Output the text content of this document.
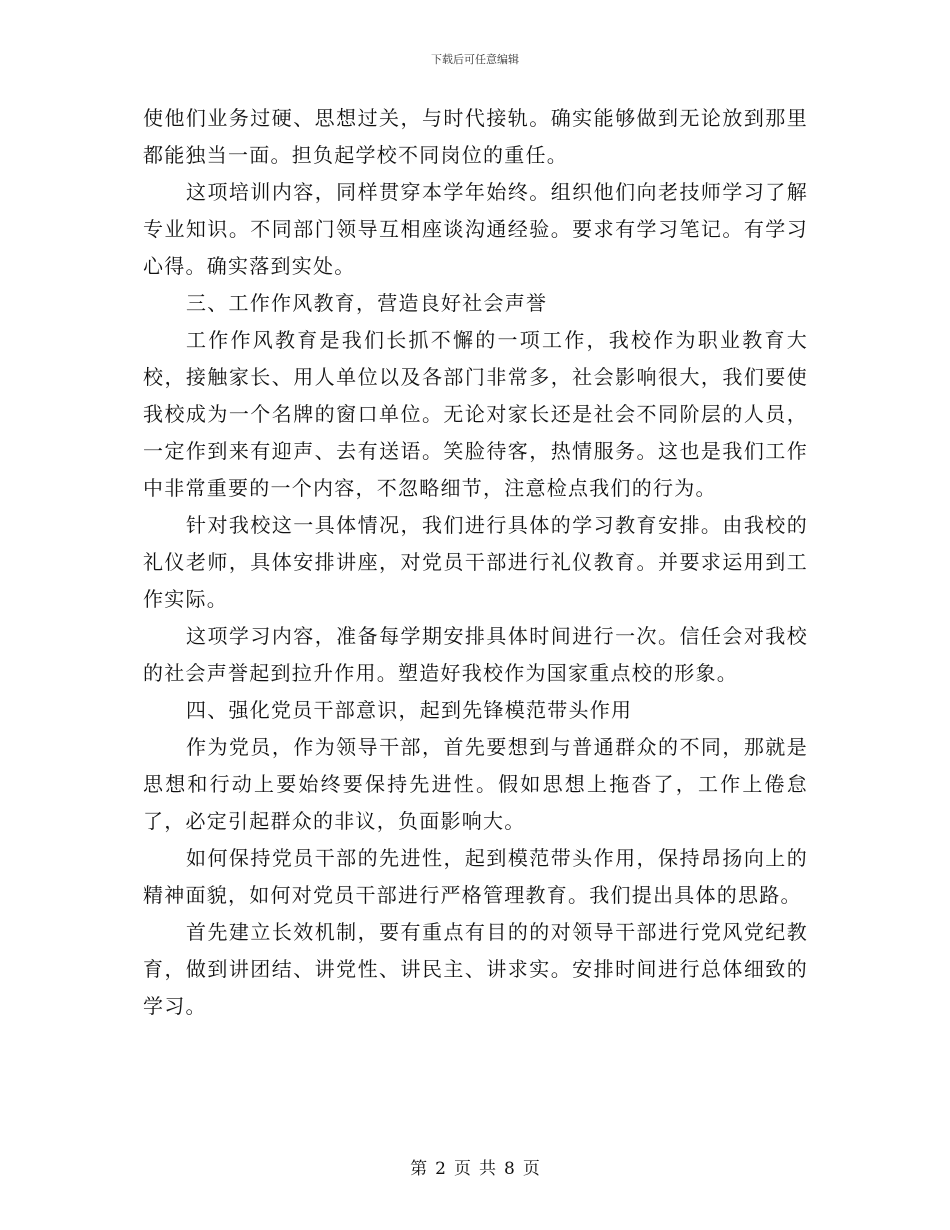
下载后可任意编辑

使他们业务过硬、思想过关，与时代接轨。确实能够做到无论放到那里都能独当一面。担负起学校不同岗位的重任。

这项培训内容，同样贯穿本学年始终。组织他们向老技师学习了解专业知识。不同部门领导互相座谈沟通经验。要求有学习笔记。有学习心得。确实落到实处。

三、工作作风教育，营造良好社会声誉

工作作风教育是我们长抓不懈的一项工作，我校作为职业教育大校，接触家长、用人单位以及各部门非常多，社会影响很大，我们要使我校成为一个名牌的窗口单位。无论对家长还是社会不同阶层的人员，一定作到来有迎声、去有送语。笑脸待客，热情服务。这也是我们工作中非常重要的一个内容，不忽略细节，注意检点我们的行为。

针对我校这一具体情况，我们进行具体的学习教育安排。由我校的礼仪老师，具体安排讲座，对党员干部进行礼仪教育。并要求运用到工作实际。

这项学习内容，准备每学期安排具体时间进行一次。信任会对我校的社会声誉起到拉升作用。塑造好我校作为国家重点校的形象。

四、强化党员干部意识，起到先锋模范带头作用

作为党员，作为领导干部，首先要想到与普通群众的不同，那就是思想和行动上要始终要保持先进性。假如思想上拖沓了，工作上倦怠了，必定引起群众的非议，负面影响大。

如何保持党员干部的先进性，起到模范带头作用，保持昂扬向上的精神面貌，如何对党员干部进行严格管理教育。我们提出具体的思路。

首先建立长效机制，要有重点有目的的对领导干部进行党风党纪教育，做到讲团结、讲党性、讲民主、讲求实。安排时间进行总体细致的学习。

第 2 页 共 8 页
